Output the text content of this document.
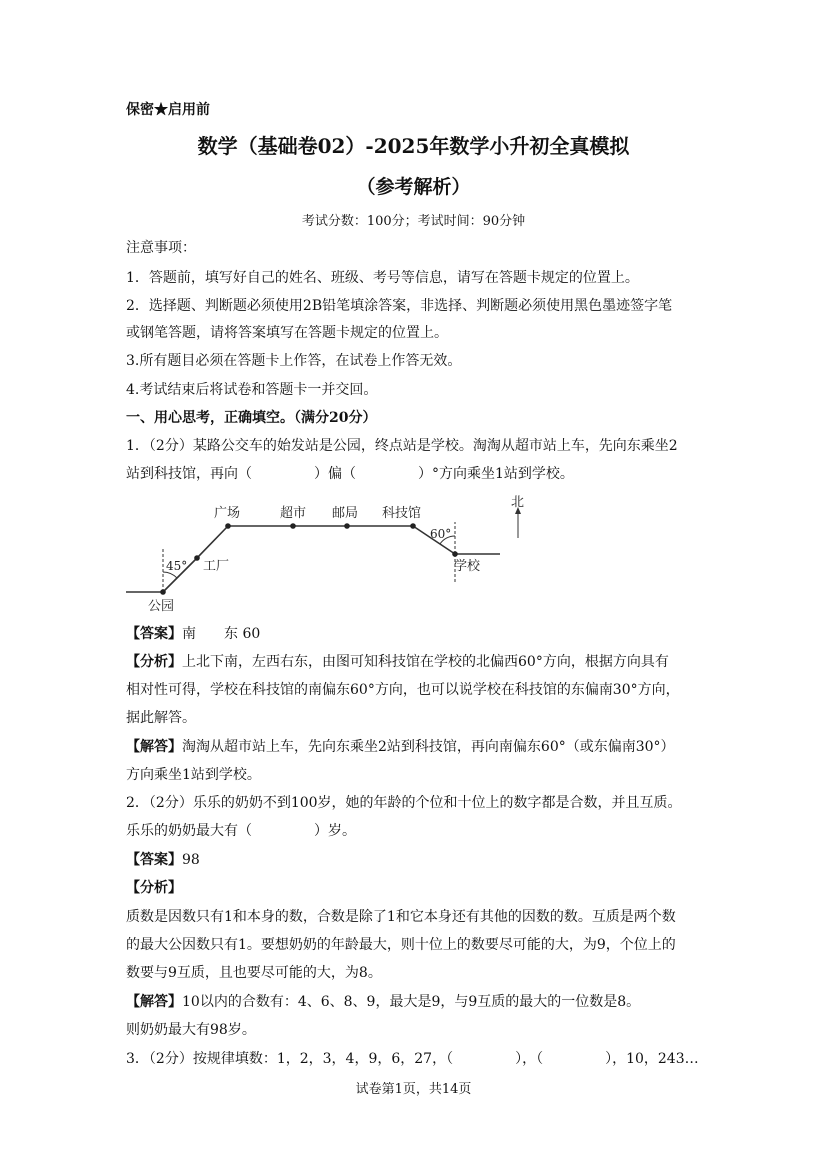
保密★启用前
数学（基础卷02）-2025年数学小升初全真模拟
（参考解析）
考试分数：100分；考试时间：90分钟
注意事项：
1．答题前，填写好自己的姓名、班级、考号等信息，请写在答题卡规定的位置上。
2．选择题、判断题必须使用2B铅笔填涂答案，非选择、判断题必须使用黑色墨迹签字笔
或钢笔答题，请将答案填写在答题卡规定的位置上。
3.所有题目必须在答题卡上作答，在试卷上作答无效。
4.考试结束后将试卷和答题卡一并交回。
一、用心思考，正确填空。（满分20分）
1．（2分）某路公交车的始发站是公园，终点站是学校。淘淘从超市站上车，先向东乘坐2
站到科技馆，再向（	）偏（	）°方向乘坐1站到学校。
公园
工厂
广场	超市 邮局 科技馆
学校
北
45°
60°
【答案】南　　东 60
【分析】上北下南，左西右东，由图可知科技馆在学校的北偏西60°方向，根据方向具有
相对性可得，学校在科技馆的南偏东60°方向，也可以说学校在科技馆的东偏南30°方向，
据此解答。
【解答】淘淘从超市站上车，先向东乘坐2站到科技馆，再向南偏东60°（或东偏南30°）
方向乘坐1站到学校。
2．（2分）乐乐的奶奶不到100岁，她的年龄的个位和十位上的数字都是合数，并且互质。
乐乐的奶奶最大有（	）岁。
【答案】98
【分析】
质数是因数只有1和本身的数，合数是除了1和它本身还有其他的因数的数。互质是两个数
的最大公因数只有1。要想奶奶的年龄最大，则十位上的数要尽可能的大，为9，个位上的
数要与9互质，且也要尽可能的大，为8。
【解答】10以内的合数有：4、6、8、9，最大是9，与9互质的最大的一位数是8。
则奶奶最大有98岁。
3．（2分）按规律填数：1，2，3，4，9，6，27，（	），（	），10，243…
试卷第1页，共14页
